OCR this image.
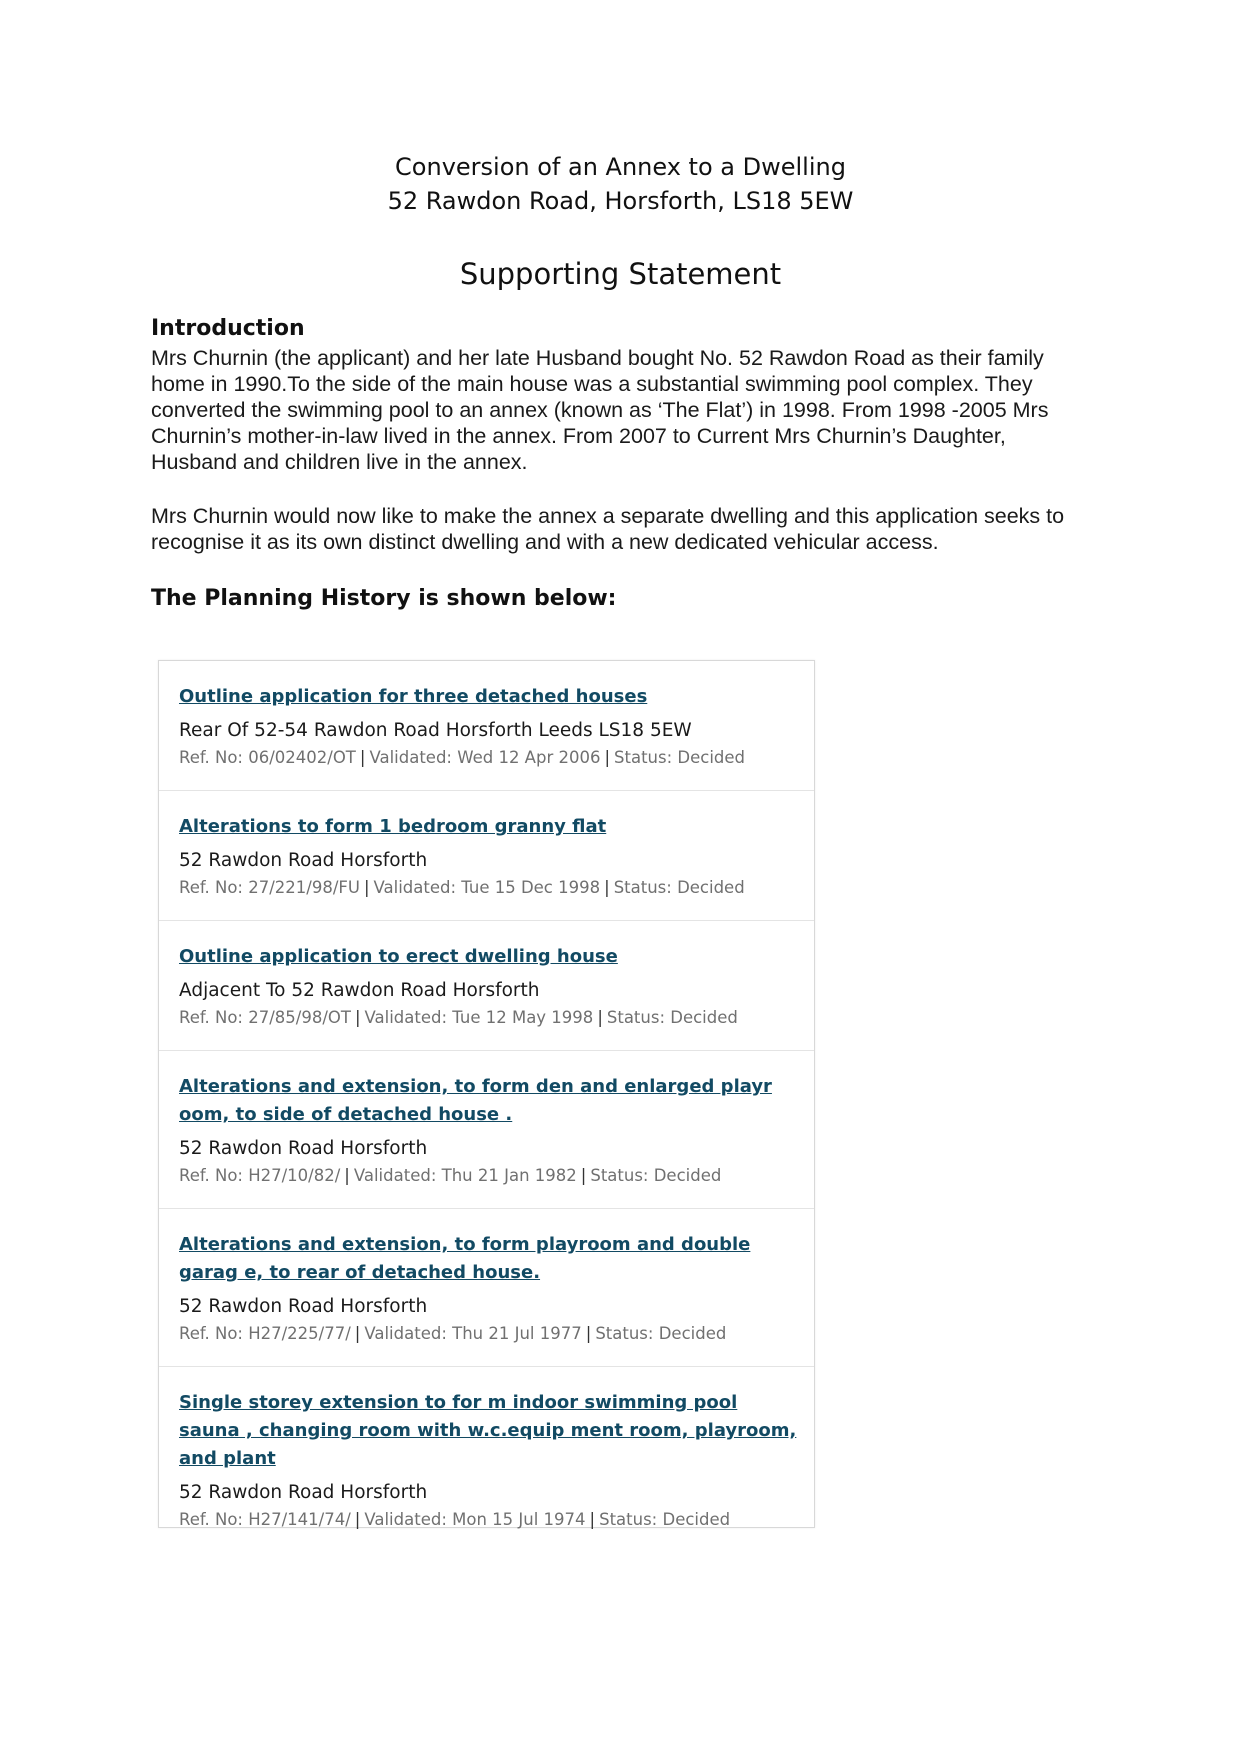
Conversion of an Annex to a Dwelling
52 Rawdon Road, Horsforth, LS18 5EW
Supporting Statement
Introduction
Mrs Churnin (the applicant) and her late Husband bought No. 52 Rawdon Road as their family home in 1990.To the side of the main house was a substantial swimming pool complex. They converted the swimming pool to an annex (known as ‘The Flat’) in 1998. From 1998 -2005 Mrs Churnin’s mother-in-law lived in the annex. From 2007 to Current Mrs Churnin’s Daughter, Husband and children live in the annex.
Mrs Churnin would now like to make the annex a separate dwelling and this application seeks to recognise it as its own distinct dwelling and with a new dedicated vehicular access.
The Planning History is shown below:
Outline application for three detached houses
Rear Of 52-54 Rawdon Road Horsforth Leeds LS18 5EW
Ref. No: 06/02402/OT | Validated: Wed 12 Apr 2006 | Status: Decided
Alterations to form 1 bedroom granny flat
52 Rawdon Road Horsforth
Ref. No: 27/221/98/FU | Validated: Tue 15 Dec 1998 | Status: Decided
Outline application to erect dwelling house
Adjacent To 52 Rawdon Road Horsforth
Ref. No: 27/85/98/OT | Validated: Tue 12 May 1998 | Status: Decided
Alterations and extension, to form den and enlarged playr oom, to side of detached house .
52 Rawdon Road Horsforth
Ref. No: H27/10/82/ | Validated: Thu 21 Jan 1982 | Status: Decided
Alterations and extension, to form playroom and double garag e, to rear of detached house.
52 Rawdon Road Horsforth
Ref. No: H27/225/77/ | Validated: Thu 21 Jul 1977 | Status: Decided
Single storey extension to for m indoor swimming pool sauna , changing room with w.c.equip ment room, playroom, and plant
52 Rawdon Road Horsforth
Ref. No: H27/141/74/ | Validated: Mon 15 Jul 1974 | Status: Decided
